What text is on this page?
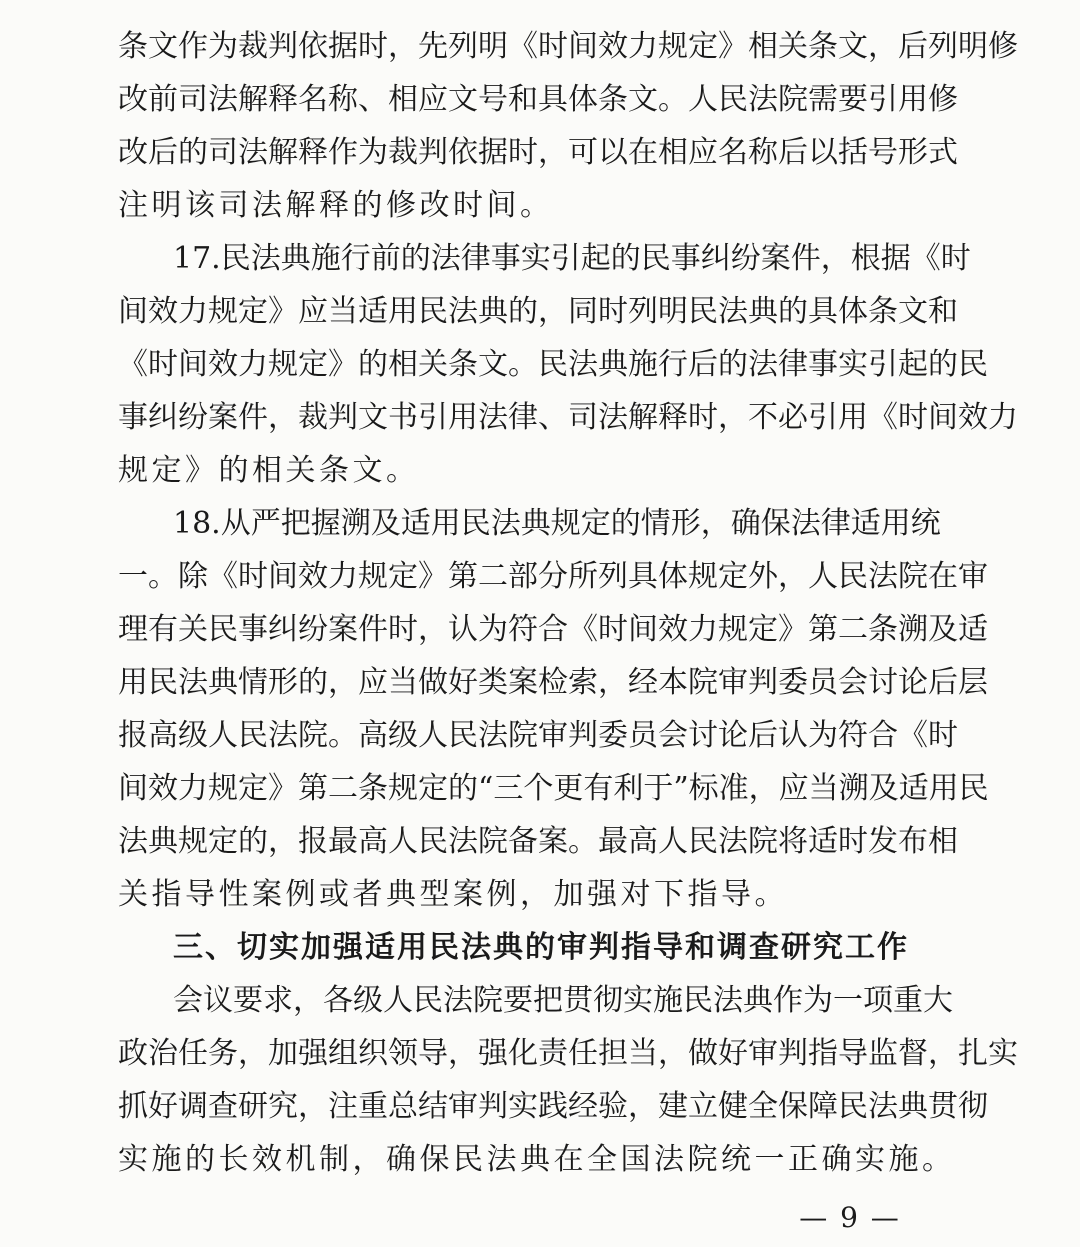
条文作为裁判依据时，先列明《时间效力规定》相关条文，后列明修
改前司法解释名称、相应文号和具体条文。人民法院需要引用修
改后的司法解释作为裁判依据时，可以在相应名称后以括号形式
注明该司法解释的修改时间。
17.民法典施行前的法律事实引起的民事纠纷案件，根据《时
间效力规定》应当适用民法典的，同时列明民法典的具体条文和
《时间效力规定》的相关条文。民法典施行后的法律事实引起的民
事纠纷案件，裁判文书引用法律、司法解释时，不必引用《时间效力
规定》的相关条文。
18.从严把握溯及适用民法典规定的情形，确保法律适用统
一。除《时间效力规定》第二部分所列具体规定外，人民法院在审
理有关民事纠纷案件时，认为符合《时间效力规定》第二条溯及适
用民法典情形的，应当做好类案检索，经本院审判委员会讨论后层
报高级人民法院。高级人民法院审判委员会讨论后认为符合《时
间效力规定》第二条规定的“三个更有利于”标准，应当溯及适用民
法典规定的，报最高人民法院备案。最高人民法院将适时发布相
关指导性案例或者典型案例，加强对下指导。
三、切实加强适用民法典的审判指导和调查研究工作
会议要求，各级人民法院要把贯彻实施民法典作为一项重大
政治任务，加强组织领导，强化责任担当，做好审判指导监督，扎实
抓好调查研究，注重总结审判实践经验，建立健全保障民法典贯彻
实施的长效机制，确保民法典在全国法院统一正确实施。
— 9 —
